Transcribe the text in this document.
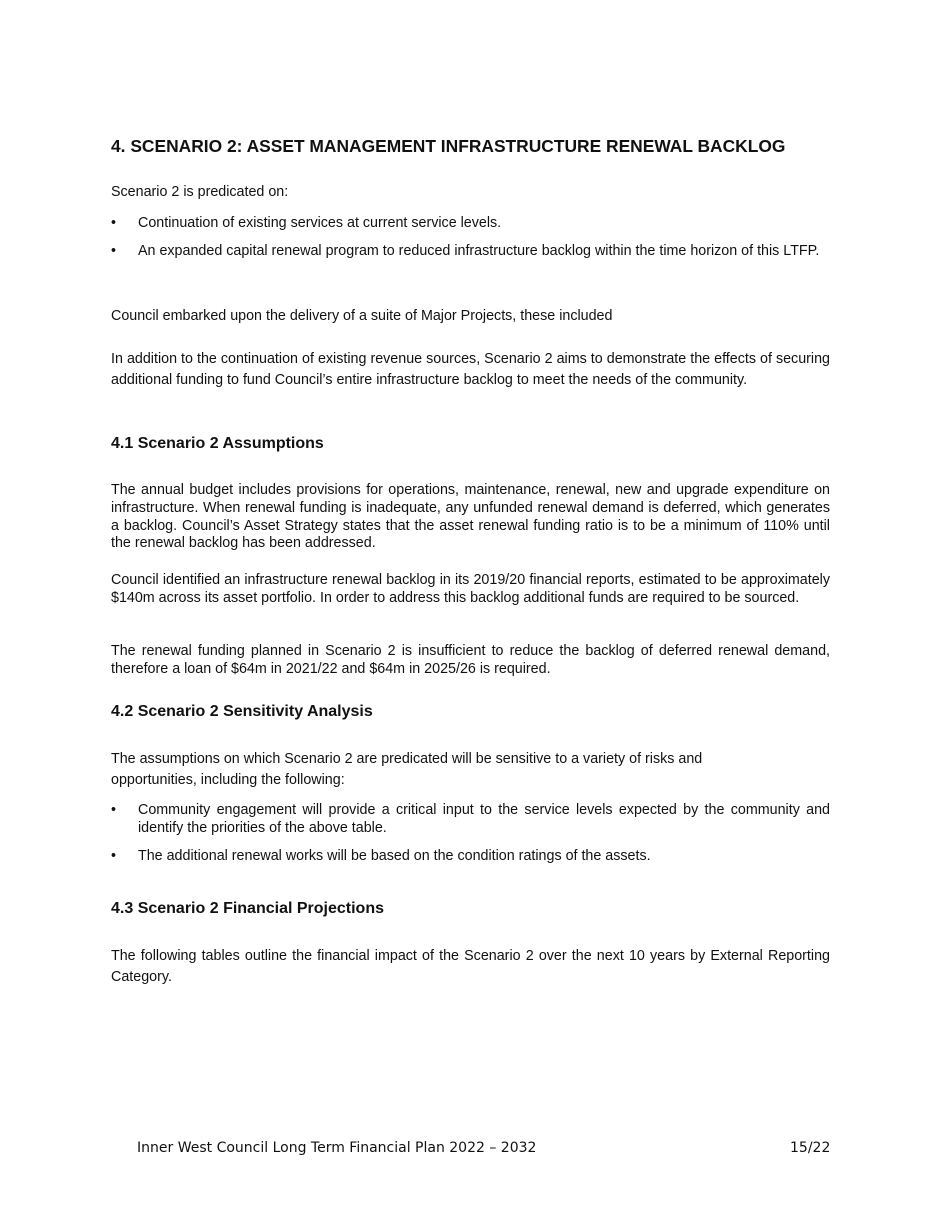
4. SCENARIO 2: ASSET MANAGEMENT INFRASTRUCTURE RENEWAL BACKLOG

Scenario 2 is predicated on:

•	Continuation of existing services at current service levels.
•	An expanded capital renewal program to reduced infrastructure backlog within the time horizon of this LTFP.

Council embarked upon the delivery of a suite of Major Projects, these included

In addition to the continuation of existing revenue sources, Scenario 2 aims to demonstrate the effects of securing additional funding to fund Council’s entire infrastructure backlog to meet the needs of the community.

4.1 Scenario 2 Assumptions

The annual budget includes provisions for operations, maintenance, renewal, new and upgrade expenditure on infrastructure. When renewal funding is inadequate, any unfunded renewal demand is deferred, which generates a backlog. Council’s Asset Strategy states that the asset renewal funding ratio is to be a minimum of 110% until the renewal backlog has been addressed.

Council identified an infrastructure renewal backlog in its 2019/20 financial reports, estimated to be approximately $140m across its asset portfolio. In order to address this backlog additional funds are required to be sourced.

The renewal funding planned in Scenario 2 is insufficient to reduce the backlog of deferred renewal demand, therefore a loan of $64m in 2021/22 and $64m in 2025/26 is required.

4.2 Scenario 2 Sensitivity Analysis

The assumptions on which Scenario 2 are predicated will be sensitive to a variety of risks and opportunities, including the following:

•	Community engagement will provide a critical input to the service levels expected by the community and identify the priorities of the above table.
•	The additional renewal works will be based on the condition ratings of the assets.
4.3 Scenario 2 Financial Projections

The following tables outline the financial impact of the Scenario 2 over the next 10 years by External Reporting Category.

Inner West Council Long Term Financial Plan 2022 – 2032	15/22
